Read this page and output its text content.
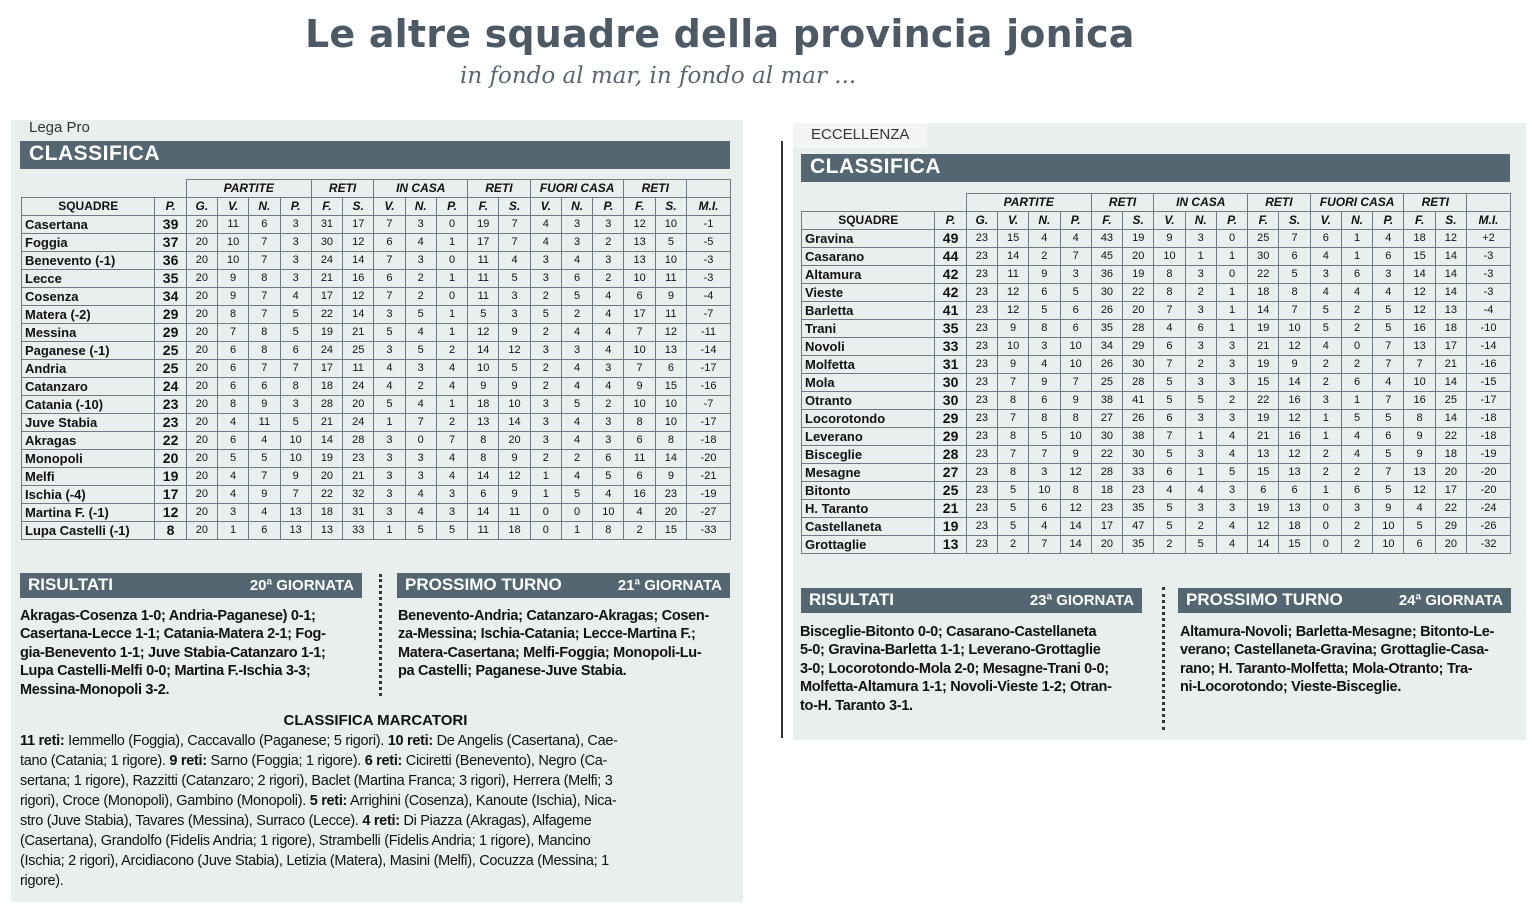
Le altre squadre della provincia jonica
in fondo al mar, in fondo al mar ...
Lega Pro
CLASSIFICA
		PARTITE				RETI		IN CASA			RETI		FUORI CASA			RETI		
SQUADRE	P.	G.	V.	N.	P.	F.	S.	V.	N.	P.	F.	S.	V.	N.	P.	F.	S.	M.I.
Casertana	39	20	11	6	3	31	17	7	3	0	19	7	4	3	3	12	10	-1
Foggia	37	20	10	7	3	30	12	6	4	1	17	7	4	3	2	13	5	-5
Benevento (-1)	36	20	10	7	3	24	14	7	3	0	11	4	3	4	3	13	10	-3
Lecce	35	20	9	8	3	21	16	6	2	1	11	5	3	6	2	10	11	-3
Cosenza	34	20	9	7	4	17	12	7	2	0	11	3	2	5	4	6	9	-4
Matera (-2)	29	20	8	7	5	22	14	3	5	1	5	3	5	2	4	17	11	-7
Messina	29	20	7	8	5	19	21	5	4	1	12	9	2	4	4	7	12	-11
Paganese (-1)	25	20	6	8	6	24	25	3	5	2	14	12	3	3	4	10	13	-14
Andria	25	20	6	7	7	17	11	4	3	4	10	5	2	4	3	7	6	-17
Catanzaro	24	20	6	6	8	18	24	4	2	4	9	9	2	4	4	9	15	-16
Catania (-10)	23	20	8	9	3	28	20	5	4	1	18	10	3	5	2	10	10	-7
Juve Stabia	23	20	4	11	5	21	24	1	7	2	13	14	3	4	3	8	10	-17
Akragas	22	20	6	4	10	14	28	3	0	7	8	20	3	4	3	6	8	-18
Monopoli	20	20	5	5	10	19	23	3	3	4	8	9	2	2	6	11	14	-20
Melfi	19	20	4	7	9	20	21	3	3	4	14	12	1	4	5	6	9	-21
Ischia (-4)	17	20	4	9	7	22	32	3	4	3	6	9	1	5	4	16	23	-19
Martina F. (-1)	12	20	3	4	13	18	31	3	4	3	14	11	0	0	10	4	20	-27
Lupa Castelli (-1)	8	20	1	6	13	13	33	1	5	5	11	18	0	1	8	2	15	-33
RISULTATI	20ª GIORNATA	PROSSIMO TURNO	21ª GIORNATA
Akragas-Cosenza 1-0; Andria-Paganese) 0-1;
Casertana-Lecce 1-1; Catania-Matera 2-1; Fog-
gia-Benevento 1-1; Juve Stabia-Catanzaro 1-1;
Lupa Castelli-Melfi 0-0; Martina F.-Ischia 3-3;
Messina-Monopoli 3-2.
Benevento-Andria; Catanzaro-Akragas; Cosen-
za-Messina; Ischia-Catania; Lecce-Martina F.;
Matera-Casertana; Melfi-Foggia; Monopoli-Lu-
pa Castelli; Paganese-Juve Stabia.
CLASSIFICA MARCATORI
11 reti: Iemmello (Foggia), Caccavallo (Paganese; 5 rigori). 10 reti: De Angelis (Casertana), Cae-
tano (Catania; 1 rigore). 9 reti: Sarno (Foggia; 1 rigore). 6 reti: Ciciretti (Benevento), Negro (Ca-
sertana; 1 rigore), Razzitti (Catanzaro; 2 rigori), Baclet (Martina Franca; 3 rigori), Herrera (Melfi; 3
rigori), Croce (Monopoli), Gambino (Monopoli). 5 reti: Arrighini (Cosenza), Kanoute (Ischia), Nica-
stro (Juve Stabia), Tavares (Messina), Surraco (Lecce). 4 reti: Di Piazza (Akragas), Alfageme
(Casertana), Grandolfo (Fidelis Andria; 1 rigore), Strambelli (Fidelis Andria; 1 rigore), Mancino
(Ischia; 2 rigori), Arcidiacono (Juve Stabia), Letizia (Matera), Masini (Melfi), Cocuzza (Messina; 1
rigore).
ECCELLENZA
CLASSIFICA
		PARTITE				RETI		IN CASA			RETI		FUORI CASA			RETI		
SQUADRE	P.	G.	V.	N.	P.	F.	S.	V.	N.	P.	F.	S.	V.	N.	P.	F.	S.	M.I.
Gravina	49	23	15	4	4	43	19	9	3	0	25	7	6	1	4	18	12	+2
Casarano	44	23	14	2	7	45	20	10	1	1	30	6	4	1	6	15	14	-3
Altamura	42	23	11	9	3	36	19	8	3	0	22	5	3	6	3	14	14	-3
Vieste	42	23	12	6	5	30	22	8	2	1	18	8	4	4	4	12	14	-3
Barletta	41	23	12	5	6	26	20	7	3	1	14	7	5	2	5	12	13	-4
Trani	35	23	9	8	6	35	28	4	6	1	19	10	5	2	5	16	18	-10
Novoli	33	23	10	3	10	34	29	6	3	3	21	12	4	0	7	13	17	-14
Molfetta	31	23	9	4	10	26	30	7	2	3	19	9	2	2	7	7	21	-16
Mola	30	23	7	9	7	25	28	5	3	3	15	14	2	6	4	10	14	-15
Otranto	30	23	8	6	9	38	41	5	5	2	22	16	3	1	7	16	25	-17
Locorotondo	29	23	7	8	8	27	26	6	3	3	19	12	1	5	5	8	14	-18
Leverano	29	23	8	5	10	30	38	7	1	4	21	16	1	4	6	9	22	-18
Bisceglie	28	23	7	7	9	22	30	5	3	4	13	12	2	4	5	9	18	-19
Mesagne	27	23	8	3	12	28	33	6	1	5	15	13	2	2	7	13	20	-20
Bitonto	25	23	5	10	8	18	23	4	4	3	6	6	1	6	5	12	17	-20
H. Taranto	21	23	5	6	12	23	35	5	3	3	19	13	0	3	9	4	22	-24
Castellaneta	19	23	5	4	14	17	47	5	2	4	12	18	0	2	10	5	29	-26
Grottaglie	13	23	2	7	14	20	35	2	5	4	14	15	0	2	10	6	20	-32
RISULTATI	23ª GIORNATA	PROSSIMO TURNO	24ª GIORNATA
Bisceglie-Bitonto 0-0; Casarano-Castellaneta
5-0; Gravina-Barletta 1-1; Leverano-Grottaglie
3-0; Locorotondo-Mola 2-0; Mesagne-Trani 0-0;
Molfetta-Altamura 1-1; Novoli-Vieste 1-2; Otran-
to-H. Taranto 3-1.
Altamura-Novoli; Barletta-Mesagne; Bitonto-Le-
verano; Castellaneta-Gravina; Grottaglie-Casa-
rano; H. Taranto-Molfetta; Mola-Otranto; Tra-
ni-Locorotondo; Vieste-Bisceglie.
